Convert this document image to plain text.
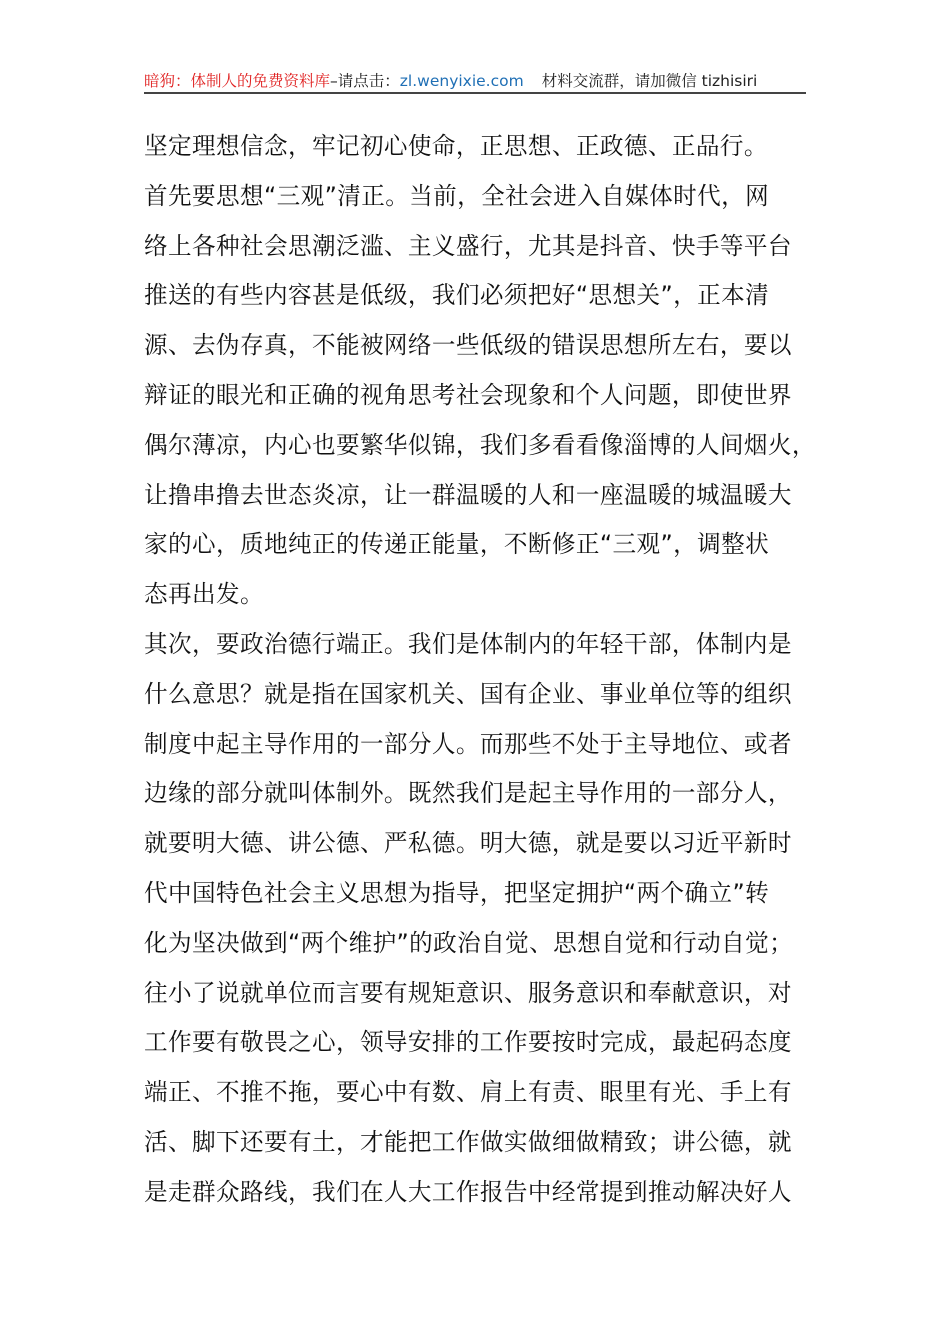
暗狗：体制人的免费资料库–请点击：zl.wenyixie.com 材料交流群，请加微信 tizhisiri
坚定理想信念，牢记初心使命，正思想、正政德、正品行。
首先要思想“三观”清正。当前，全社会进入自媒体时代，网
络上各种社会思潮泛滥、主义盛行，尤其是抖音、快手等平台
推送的有些内容甚是低级，我们必须把好“思想关”，正本清
源、去伪存真，不能被网络一些低级的错误思想所左右，要以
辩证的眼光和正确的视角思考社会现象和个人问题，即使世界
偶尔薄凉，内心也要繁华似锦，我们多看看像淄博的人间烟火，
让撸串撸去世态炎凉，让一群温暖的人和一座温暖的城温暖大
家的心，质地纯正的传递正能量，不断修正“三观”，调整状
态再出发。
其次，要政治德行端正。我们是体制内的年轻干部，体制内是
什么意思？就是指在国家机关、国有企业、事业单位等的组织
制度中起主导作用的一部分人。而那些不处于主导地位、或者
边缘的部分就叫体制外。既然我们是起主导作用的一部分人，
就要明大德、讲公德、严私德。明大德，就是要以习近平新时
代中国特色社会主义思想为指导，把坚定拥护“两个确立”转
化为坚决做到“两个维护”的政治自觉、思想自觉和行动自觉；
往小了说就单位而言要有规矩意识、服务意识和奉献意识，对
工作要有敬畏之心，领导安排的工作要按时完成，最起码态度
端正、不推不拖，要心中有数、肩上有责、眼里有光、手上有
活、脚下还要有土，才能把工作做实做细做精致；讲公德，就
是走群众路线，我们在人大工作报告中经常提到推动解决好人
